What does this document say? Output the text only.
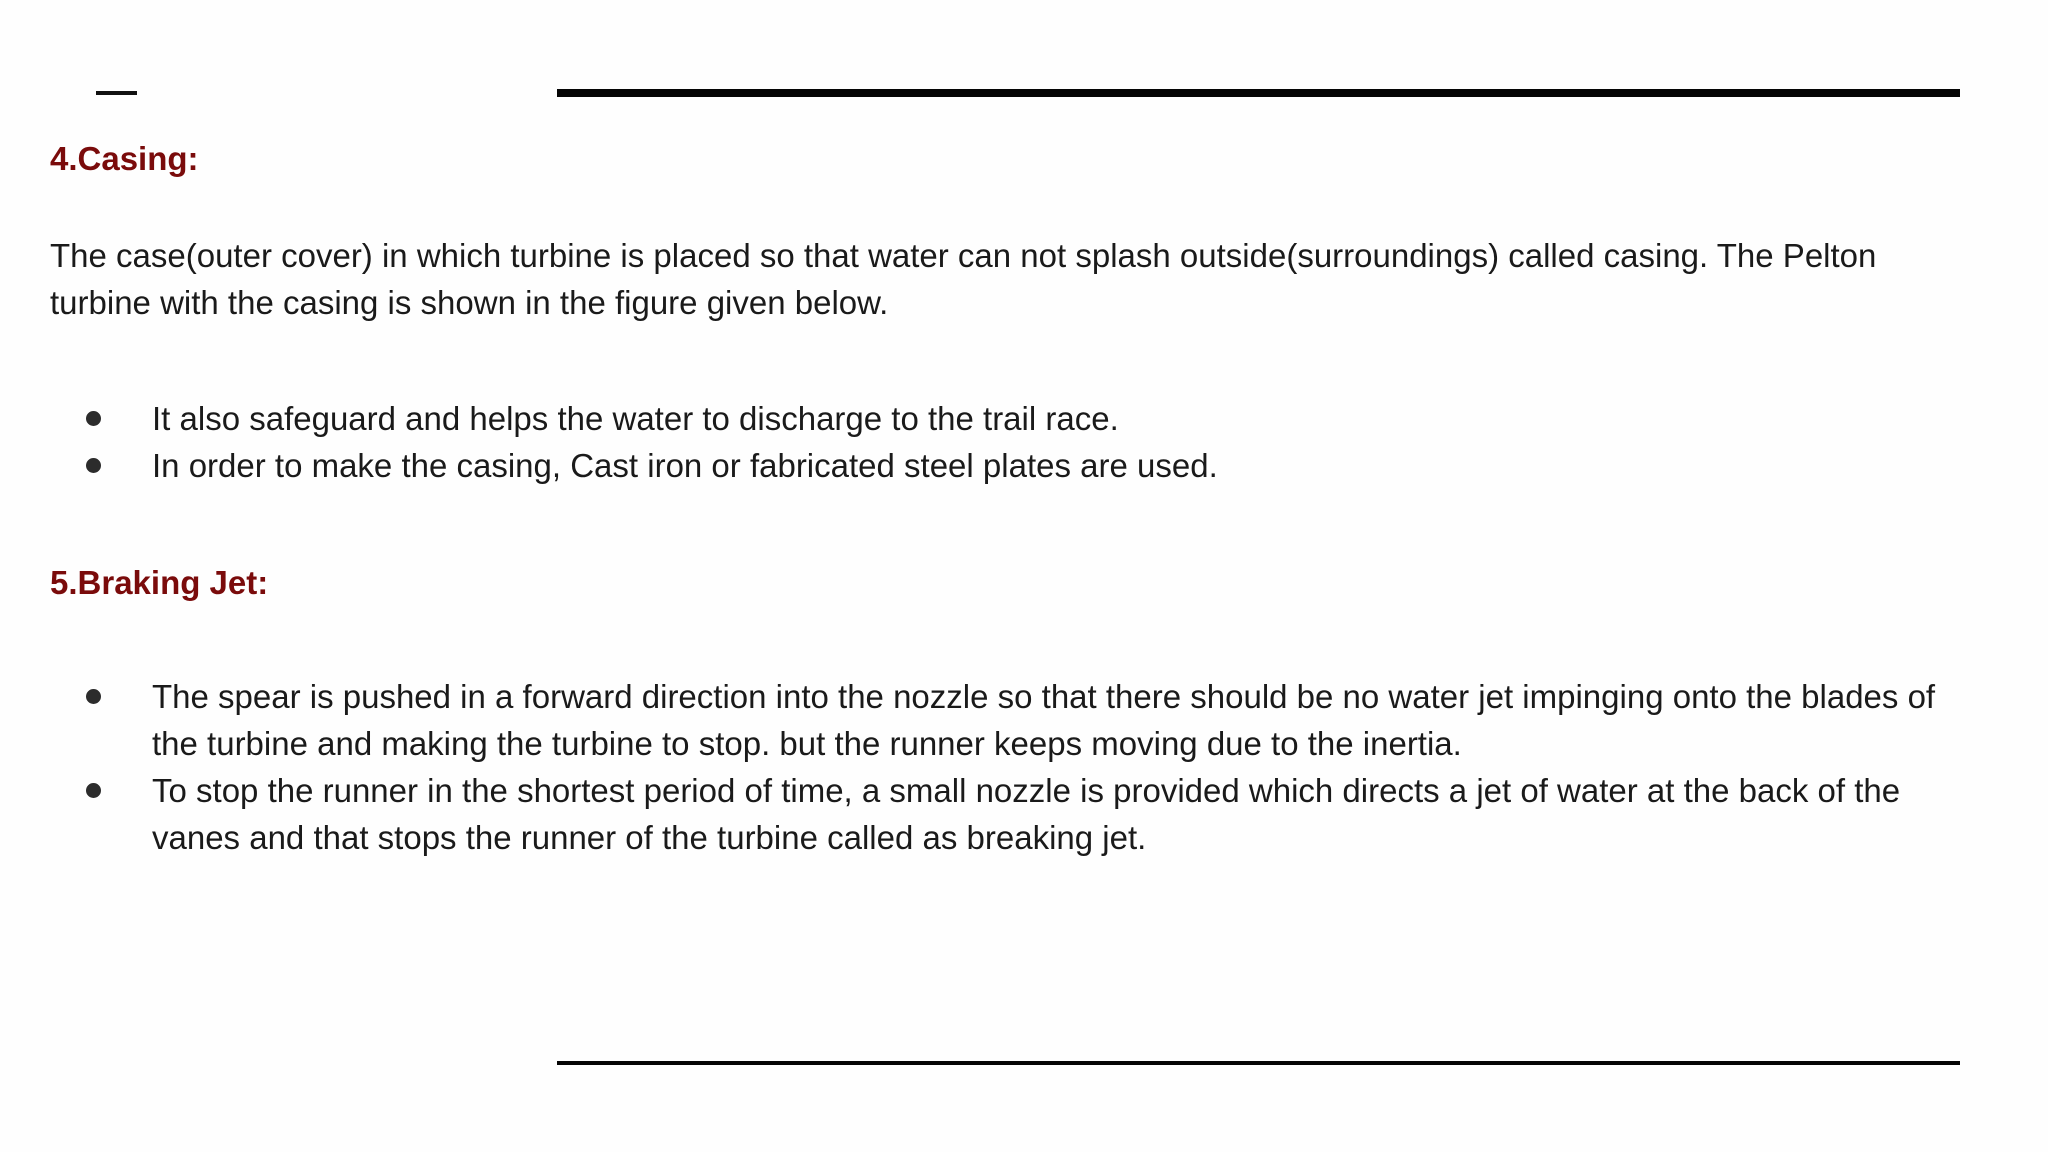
4.Casing:

The case(outer cover) in which turbine is placed so that water can not splash outside(surroundings) called casing. The Pelton turbine with the casing is shown in the figure given below.

It also safeguard and helps the water to discharge to the trail race.
In order to make the casing, Cast iron or fabricated steel plates are used.
5.Braking Jet:
The spear is pushed in a forward direction into the nozzle so that there should be no water jet impinging onto the blades of the turbine and making the turbine to stop. but the runner keeps moving due to the inertia.
To stop the runner in the shortest period of time, a small nozzle is provided which directs a jet of water at the back of the vanes and that stops the runner of the turbine called as breaking jet.
